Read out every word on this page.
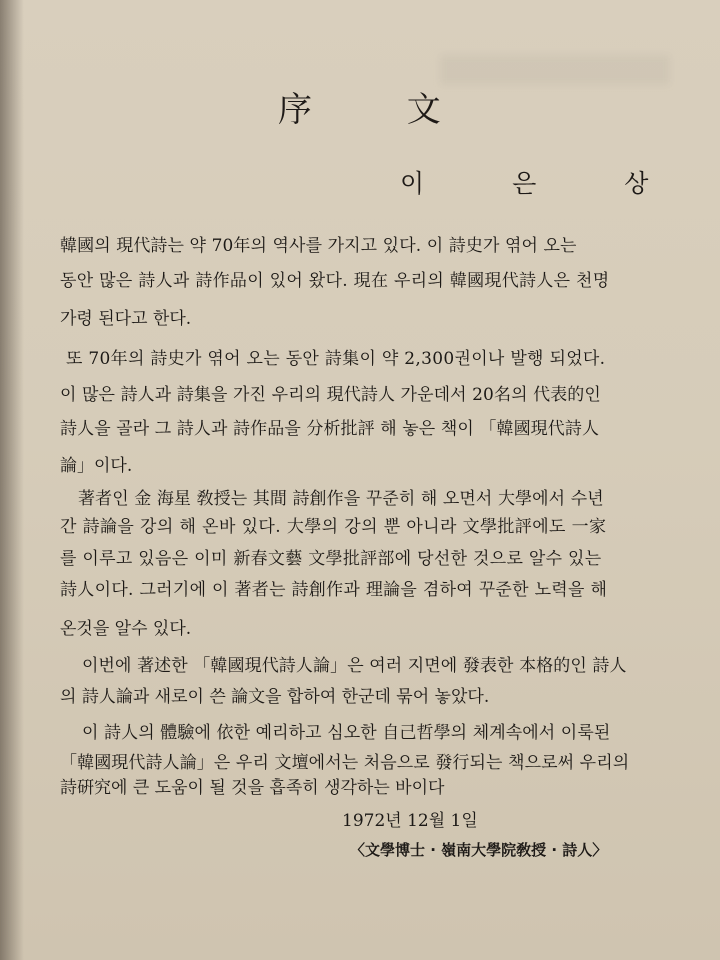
序 文
이 은 상
韓國의 現代詩는 약 70年의 역사를 가지고 있다. 이 詩史가 엮어 오는
동안 많은 詩人과 詩作品이 있어 왔다. 現在 우리의 韓國現代詩人은 천명
가령 된다고 한다.
또 70年의 詩史가 엮어 오는 동안 詩集이 약 2,300권이나 발행 되었다.
이 많은 詩人과 詩集을 가진 우리의 現代詩人 가운데서 20名의 代表的인
詩人을 골라 그 詩人과 詩作品을 分析批評 해 놓은 책이 「韓國現代詩人
論」이다.
著者인 金 海星 敎授는 其間 詩創作을 꾸준히 해 오면서 大學에서 수년
간 詩論을 강의 해 온바 있다. 大學의 강의 뿐 아니라 文學批評에도 一家
를 이루고 있음은 이미 新春文藝 文學批評部에 당선한 것으로 알수 있는
詩人이다. 그러기에 이 著者는 詩創作과 理論을 겸하여 꾸준한 노력을 해
온것을 알수 있다.
이번에 著述한 「韓國現代詩人論」은 여러 지면에 發表한 本格的인 詩人
의 詩人論과 새로이 쓴 論文을 합하여 한군데 묶어 놓았다.
이 詩人의 體驗에 依한 예리하고 심오한 自己哲學의 체계속에서 이룩된
「韓國現代詩人論」은 우리 文壇에서는 처음으로 發行되는 책으로써 우리의
詩硏究에 큰 도움이 될 것을 흡족히 생각하는 바이다
1972년 12월 1일
〈文學博士 · 嶺南大學院敎授 · 詩人〉
